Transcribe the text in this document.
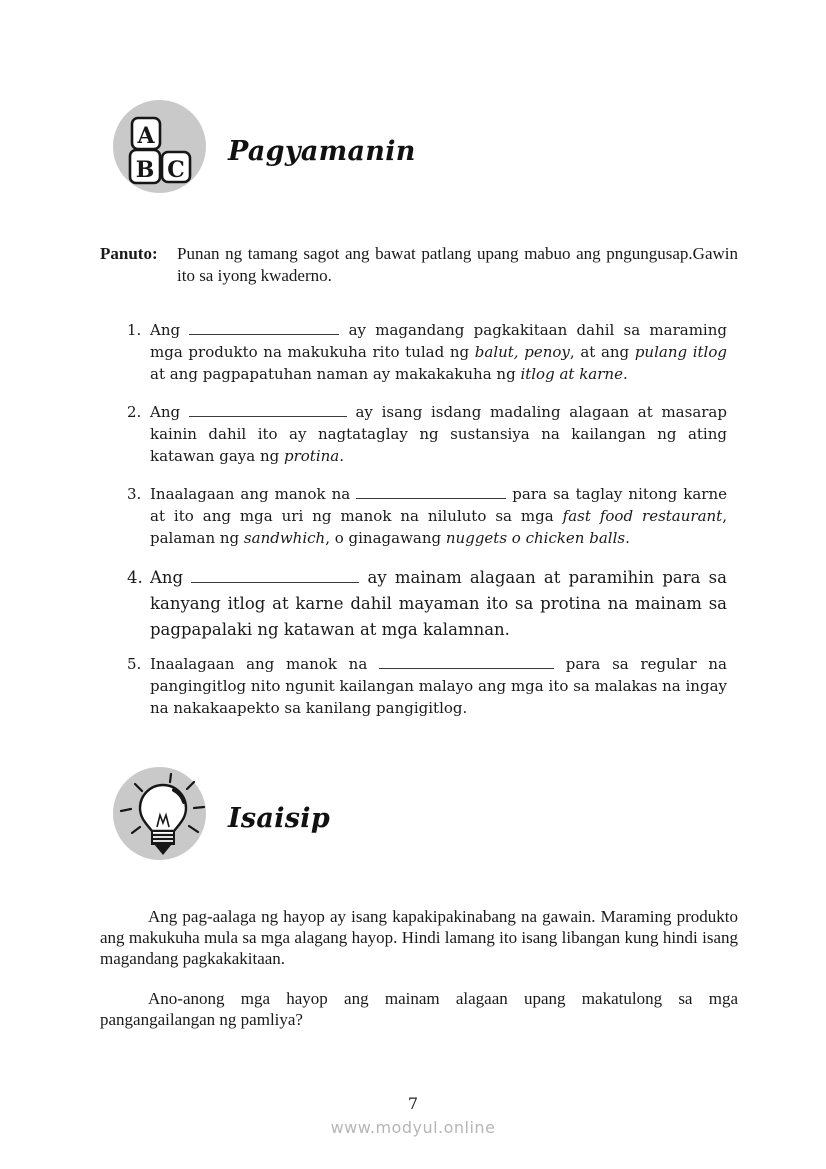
A
B C
Pagyamanin
Panuto:	Punan ng tamang sagot ang bawat patlang upang mabuo ang pngungusap.Gawin ito sa iyong kwaderno.
1. Ang	ay magandang pagkakitaan dahil sa maraming mga produkto na makukuha rito tulad ng balut, penoy, at ang pulang itlog at ang pagpapatuhan naman ay makakakuha ng itlog at karne.
2. Ang	ay isang isdang madaling alagaan at masarap kainin dahil ito ay nagtataglay ng sustansiya na kailangan ng ating katawan gaya ng protina.
3. Inaalagaan ang manok na	para sa taglay nitong karne at ito ang mga uri ng manok na niluluto sa mga fast food restaurant, palaman ng sandwhich, o ginagawang nuggets o chicken balls.
4. Ang	ay mainam alagaan at paramihin para sa kanyang itlog at karne dahil mayaman ito sa protina na mainam sa pagpapalaki ng katawan at mga kalamnan.
5. Inaalagaan ang manok na	para sa regular na pangingitlog nito ngunit kailangan malayo ang mga ito sa malakas na ingay na nakakaapekto sa kanilang pangigitlog.
Isaisip

Ang pag-aalaga ng hayop ay isang kapakipakinabang na gawain. Maraming produkto ang makukuha mula sa mga alagang hayop. Hindi lamang ito isang libangan kung hindi isang magandang pagkakakitaan.

Ano-anong mga hayop ang mainam alagaan upang makatulong sa mga pangangailangan ng pamliya?

7
www.modyul.online
